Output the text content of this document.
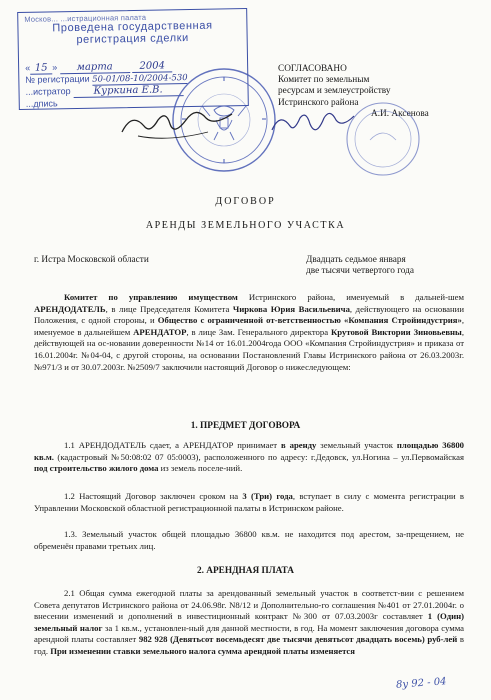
Москов... ...истрационная палата
Проведена государственная
регистрация сделки
« 15 » марта	2004
№ регистрации 50-01/08-10/2004-530
...истратор Куркина Е.В.
...дпись
СОГЛАСОВАНО
Комитет по земельным
ресурсам и землеустройству
Истринского района
А.И. Аксенова
ДОГОВОР
АРЕНДЫ ЗЕМЕЛЬНОГО УЧАСТКА
г. Истра Московской области	Двадцать седьмое января
две тысячи четвертого года
Комитет по управлению имуществом Истринского района, именуемый в дальней-шем АРЕНДОДАТЕЛЬ, в лице Председателя Комитета Чиркова Юрия Васильевича, действующего на основании Положения, с одной стороны, и Общество с ограниченной от-ветственностью «Компания Стройиндустрия», именуемое в дальнейшем АРЕНДАТОР, в лице Зам. Генерального директора Крутовой Виктории Зиновьевны, действующей на ос-новании доверенности №14 от 16.01.2004года ООО «Компания Стройиндустрия» и приказа от 16.01.2004г. №04-04, с другой стороны, на основании Постановлений Главы Истринского района от 26.03.2003г. №971/3 и от 30.07.2003г. №2509/7 заключили настоящий Договор о нижеследующем:
1. ПРЕДМЕТ ДОГОВОРА
1.1 АРЕНДОДАТЕЛЬ сдает, а АРЕНДАТОР принимает в аренду земельный участок площадью 36800 кв.м. (кадастровый №50:08:02 07 05:0003), расположенного по адресу: г.Дедовск, ул.Ногина – ул.Первомайская под строительство жилого дома из земель поселе-ний.
1.2 Настоящий Договор заключен сроком на 3 (Три) года, вступает в силу с момента регистрации в Управлении Московской областной регистрационной палаты в Истринском районе.
1.3. Земельный участок общей площадью 36800 кв.м. не находится под арестом, за-прещением, не обременён правами третьих лиц.
2. АРЕНДНАЯ ПЛАТА
2.1 Общая сумма ежегодной платы за арендованный земельный участок в соответст-вии с решением Совета депутатов Истринского района от 24.06.98г. N8/12 и Дополнительно-го соглашения №401 от 27.01.2004г. о внесении изменений и дополнений в инвестиционный контракт №300 от 07.03.2003г составляет 1 (Один) земельный налог за 1 кв.м., установлен-ный для данной местности, в год. На момент заключения договора сумма арендной платы составляет 982 928 (Девятьсот восемьдесят две тысячи девятьсот двадцать восемь) руб-лей в год. При изменении ставки земельного налога сумма арендной платы изменяется
8у 92 - 04
